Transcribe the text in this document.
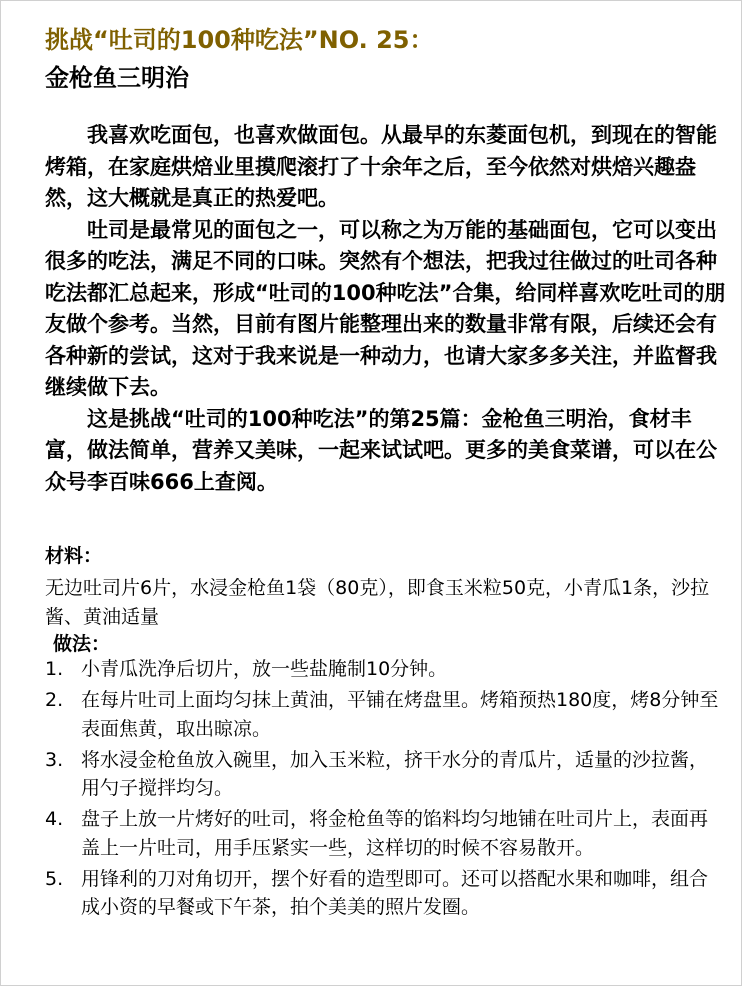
挑战“吐司的100种吃法”NO. 25：
金枪鱼三明治

我喜欢吃面包，也喜欢做面包。从最早的东菱面包机，到现在的智能烤箱，在家庭烘焙业里摸爬滚打了十余年之后，至今依然对烘焙兴趣盎然，这大概就是真正的热爱吧。

吐司是最常见的面包之一，可以称之为万能的基础面包，它可以变出很多的吃法，满足不同的口味。突然有个想法，把我过往做过的吐司各种吃法都汇总起来，形成“吐司的100种吃法”合集，给同样喜欢吃吐司的朋友做个参考。当然，目前有图片能整理出来的数量非常有限，后续还会有各种新的尝试，这对于我来说是一种动力，也请大家多多关注，并监督我继续做下去。

这是挑战“吐司的100种吃法”的第25篇：金枪鱼三明治，食材丰富，做法简单，营养又美味，一起来试试吧。更多的美食菜谱，可以在公众号李百味666上查阅。

材料：
无边吐司片6片，水浸金枪鱼1袋（80克），即食玉米粒50克，小青瓜1条，沙拉酱、黄油适量
做法：
1. 小青瓜洗净后切片，放一些盐腌制10分钟。
2. 在每片吐司上面均匀抹上黄油，平铺在烤盘里。烤箱预热180度，烤8分钟至表面焦黄，取出晾凉。
3. 将水浸金枪鱼放入碗里，加入玉米粒，挤干水分的青瓜片，适量的沙拉酱，用勺子搅拌均匀。
4. 盘子上放一片烤好的吐司，将金枪鱼等的馅料均匀地铺在吐司片上，表面再盖上一片吐司，用手压紧实一些，这样切的时候不容易散开。
5. 用锋利的刀对角切开，摆个好看的造型即可。还可以搭配水果和咖啡，组合成小资的早餐或下午茶，拍个美美的照片发圈。
